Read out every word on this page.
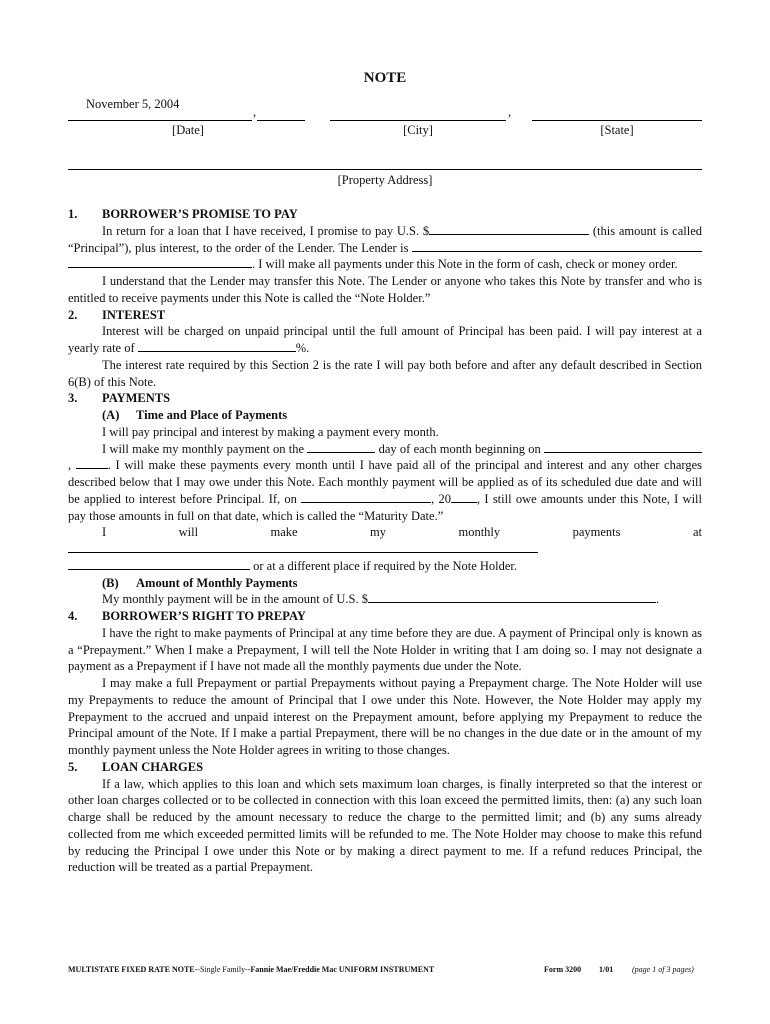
NOTE
November 5, 2004
,	,
[Date]	[City]	[State]
[Property Address]
1. BORROWER’S PROMISE TO PAY

In return for a loan that I have received, I promise to pay U.S. $	(this amount is called “Principal”), plus interest, to the order of the Lender. The Lender is  . I will make all payments under this Note in the form of cash, check or money order.

I understand that the Lender may transfer this Note. The Lender or anyone who takes this Note by transfer and who is entitled to receive payments under this Note is called the “Note Holder.”

2. INTEREST

Interest will be charged on unpaid principal until the full amount of Principal has been paid. I will pay interest at a yearly rate of	%.

The interest rate required by this Section 2 is the rate I will pay both before and after any default described in Section 6(B) of this Note.

3. PAYMENTS
(A) Time and Place of Payments

I will pay principal and interest by making a payment every month.

I will make my monthly payment on the	day of each month beginning on ,	. I will make these payments every month until I have paid all of the principal and interest and any other charges described below that I may owe under this Note. Each monthly payment will be applied as of its scheduled due date and will be applied to interest before Principal. If, on	, 20 , I still owe amounts under this Note, I will pay those amounts in full on that date, which is called the “Maturity Date.”

I will make my monthly payments at   or at a different place if required by the Note Holder.

(B) Amount of Monthly Payments

My monthly payment will be in the amount of U.S. $	.

4. BORROWER’S RIGHT TO PREPAY

I have the right to make payments of Principal at any time before they are due. A payment of Principal only is known as a “Prepayment.” When I make a Prepayment, I will tell the Note Holder in writing that I am doing so. I may not designate a payment as a Prepayment if I have not made all the monthly payments due under the Note.

I may make a full Prepayment or partial Prepayments without paying a Prepayment charge. The Note Holder will use my Prepayments to reduce the amount of Principal that I owe under this Note. However, the Note Holder may apply my Prepayment to the accrued and unpaid interest on the Prepayment amount, before applying my Prepayment to reduce the Principal amount of the Note. If I make a partial Prepayment, there will be no changes in the due date or in the amount of my monthly payment unless the Note Holder agrees in writing to those changes.

5. LOAN CHARGES

If a law, which applies to this loan and which sets maximum loan charges, is finally interpreted so that the interest or other loan charges collected or to be collected in connection with this loan exceed the permitted limits, then: (a) any such loan charge shall be reduced by the amount necessary to reduce the charge to the permitted limit; and (b) any sums already collected from me which exceeded permitted limits will be refunded to me. The Note Holder may choose to make this refund by reducing the Principal I owe under this Note or by making a direct payment to me. If a refund reduces Principal, the reduction will be treated as a partial Prepayment.

MULTISTATE FIXED RATE NOTE--Single Family--Fannie Mae/Freddie Mac UNIFORM INSTRUMENT	Form 3200 1/01 (page 1 of 3 pages)
